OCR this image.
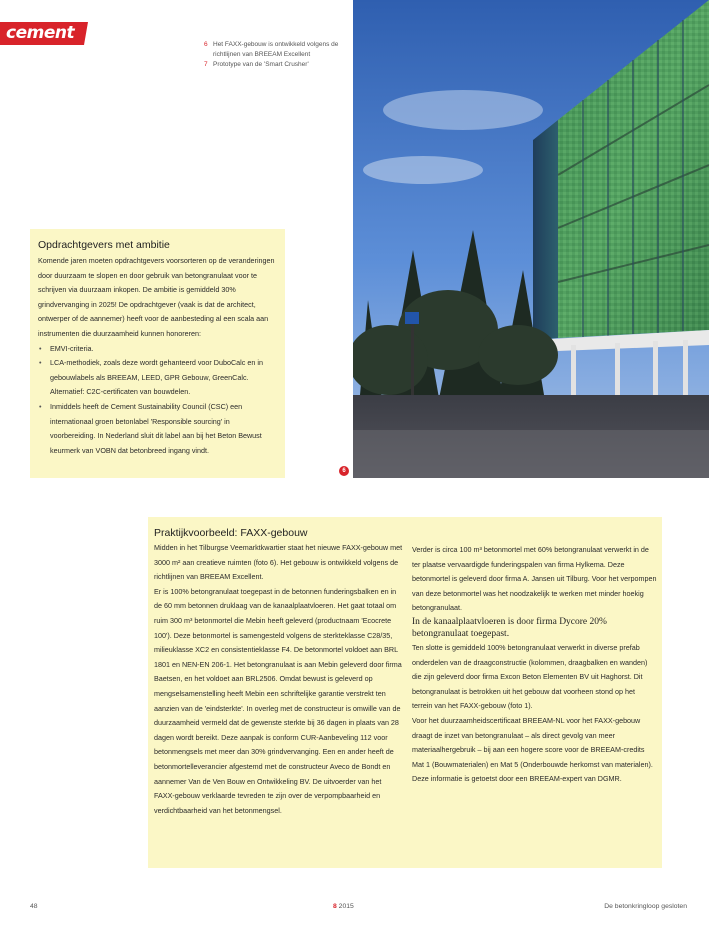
cement
6 Het FAXX-gebouw is ontwikkeld volgens de richtlijnen van BREEAM Excellent
7 Prototype van de 'Smart Crusher'
6
Opdrachtgevers met ambitie

Komende jaren moeten opdrachtgevers voorsorteren op de veranderingen door duurzaam te slopen en door gebruik van betongranulaat voor te schrijven via duurzaam inkopen. De ambitie is gemiddeld 30% grindvervanging in 2025! De opdrachtgever (vaak is dat de architect, ontwerper of de aannemer) heeft voor de aanbesteding al een scala aan instrumenten die duurzaamheid kunnen honoreren:

• EMVI-criteria.
• LCA-methodiek, zoals deze wordt gehanteerd voor DuboCalc en in gebouwlabels als BREEAM, LEED, GPR Gebouw, GreenCalc. Alternatief: C2C-certificaten van bouwdelen.
• Inmiddels heeft de Cement Sustainability Council (CSC) een internationaal groen betonlabel 'Responsible sourcing' in voorbereiding. In Nederland sluit dit label aan bij het Beton Bewust keurmerk van VOBN dat betonbreed ingang vindt.
Praktijkvoorbeeld: FAXX-gebouw

Midden in het Tilburgse Veemarktkwartier staat het nieuwe FAXX-gebouw met 3000 m² aan creatieve ruimten (foto 6). Het gebouw is ontwikkeld volgens de richtlijnen van BREEAM Excellent.

Er is 100% betongranulaat toegepast in de betonnen funderingsbalken en in de 60 mm betonnen druklaag van de kanaalplaatvloeren. Het gaat totaal om ruim 300 m³ betonmortel die Mebin heeft geleverd (productnaam 'Ecocrete 100'). Deze betonmortel is samengesteld volgens de sterkteklasse C28/35, milieuklasse XC2 en consistentieklasse F4. De betonmortel voldoet aan BRL 1801 en NEN-EN 206-1. Het betongranulaat is aan Mebin geleverd door firma Baetsen, en het voldoet aan BRL2506. Omdat bewust is geleverd op mengselsamenstelling heeft Mebin een schriftelijke garantie verstrekt ten aanzien van de 'eindsterkte'. In overleg met de constructeur is omwille van de duurzaamheid vermeld dat de gewenste sterkte bij 36 dagen in plaats van 28 dagen wordt bereikt. Deze aanpak is conform CUR-Aanbeveling 112 voor betonmengsels met meer dan 30% grindvervanging. Een en ander heeft de betonmortelleverancier afgestemd met de constructeur Aveco de Bondt en aannemer Van de Ven Bouw en Ontwikkeling BV. De uitvoerder van het FAXX-gebouw verklaarde tevreden te zijn over de verpompbaarheid en verdichtbaarheid van het betonmengsel.

Verder is circa 100 m³ betonmortel met 60% betongranulaat verwerkt in de ter plaatse vervaardigde funderingspalen van firma Hylkema. Deze betonmortel is geleverd door firma A. Jansen uit Tilburg. Voor het verpompen van deze betonmortel was het noodzakelijk te werken met minder hoekig betongranulaat.

In de kanaalplaatvloeren is door firma Dycore 20% betongranulaat toegepast.

Ten slotte is gemiddeld 100% betongranulaat verwerkt in diverse prefab onderdelen van de draagconstructie (kolommen, draagbalken en wanden) die zijn geleverd door firma Excon Beton Elementen BV uit Haghorst. Dit betongranulaat is betrokken uit het gebouw dat voorheen stond op het terrein van het FAXX-gebouw (foto 1).

Voor het duurzaamheidscertificaat BREEAM-NL voor het FAXX-gebouw draagt de inzet van betongranulaat – als direct gevolg van meer materiaalhergebruik – bij aan een hogere score voor de BREEAM-credits Mat 1 (Bouwmaterialen) en Mat 5 (Onderbouwde herkomst van materialen). Deze informatie is getoetst door een BREEAM-expert van DGMR.

48	8 2015	De betonkringloop gesloten
